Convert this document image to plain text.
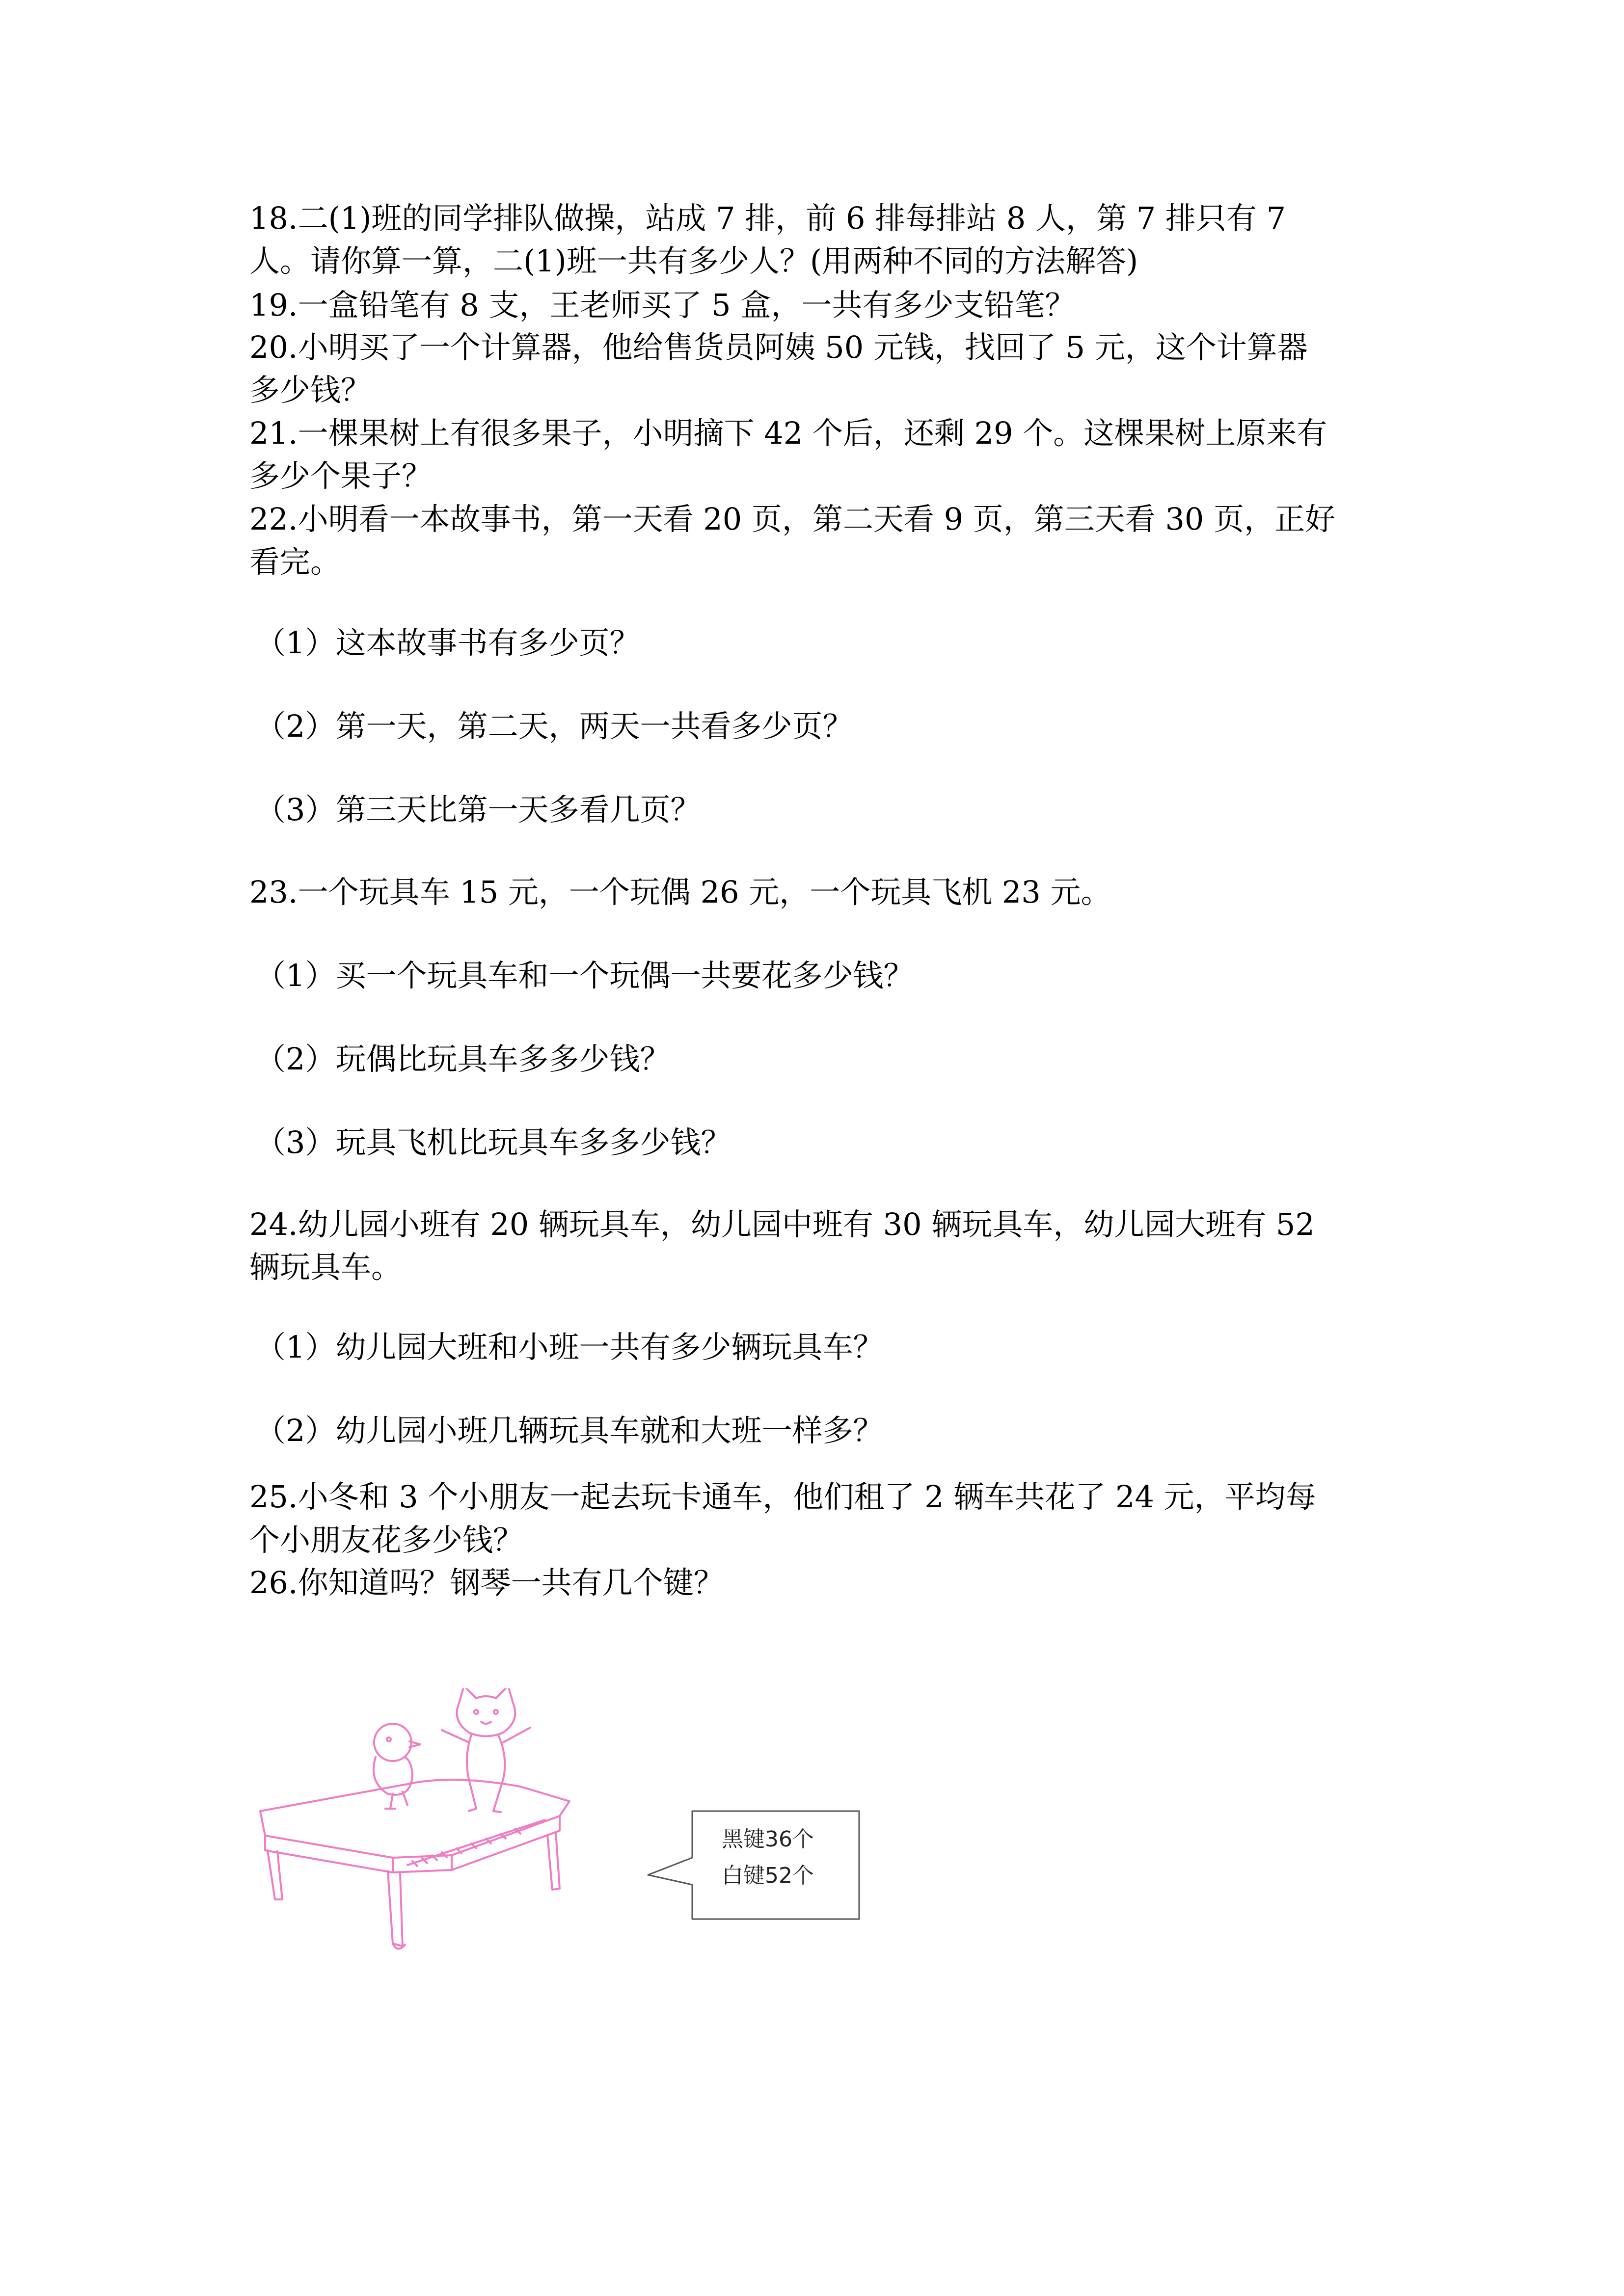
18.二(1)班的同学排队做操，站成 7 排，前 6 排每排站 8 人，第 7 排只有 7
人。请你算一算，二(1)班一共有多少人？(用两种不同的方法解答)
19.一盒铅笔有 8 支，王老师买了 5 盒，一共有多少支铅笔？
20.小明买了一个计算器，他给售货员阿姨 50 元钱，找回了 5 元，这个计算器
多少钱？
21.一棵果树上有很多果子，小明摘下 42 个后，还剩 29 个。这棵果树上原来有
多少个果子？
22.小明看一本故事书，第一天看 20 页，第二天看 9 页，第三天看 30 页，正好
看完。
（1）这本故事书有多少页？
（2）第一天，第二天，两天一共看多少页？
（3）第三天比第一天多看几页？
23.一个玩具车 15 元，一个玩偶 26 元，一个玩具飞机 23 元。
（1）买一个玩具车和一个玩偶一共要花多少钱？
（2）玩偶比玩具车多多少钱？
（3）玩具飞机比玩具车多多少钱？
24.幼儿园小班有 20 辆玩具车，幼儿园中班有 30 辆玩具车，幼儿园大班有 52
辆玩具车。
（1）幼儿园大班和小班一共有多少辆玩具车？
（2）幼儿园小班几辆玩具车就和大班一样多？
25.小冬和 3 个小朋友一起去玩卡通车，他们租了 2 辆车共花了 24 元，平均每
个小朋友花多少钱？
26.你知道吗？钢琴一共有几个键？
黑键36个
白键52个
